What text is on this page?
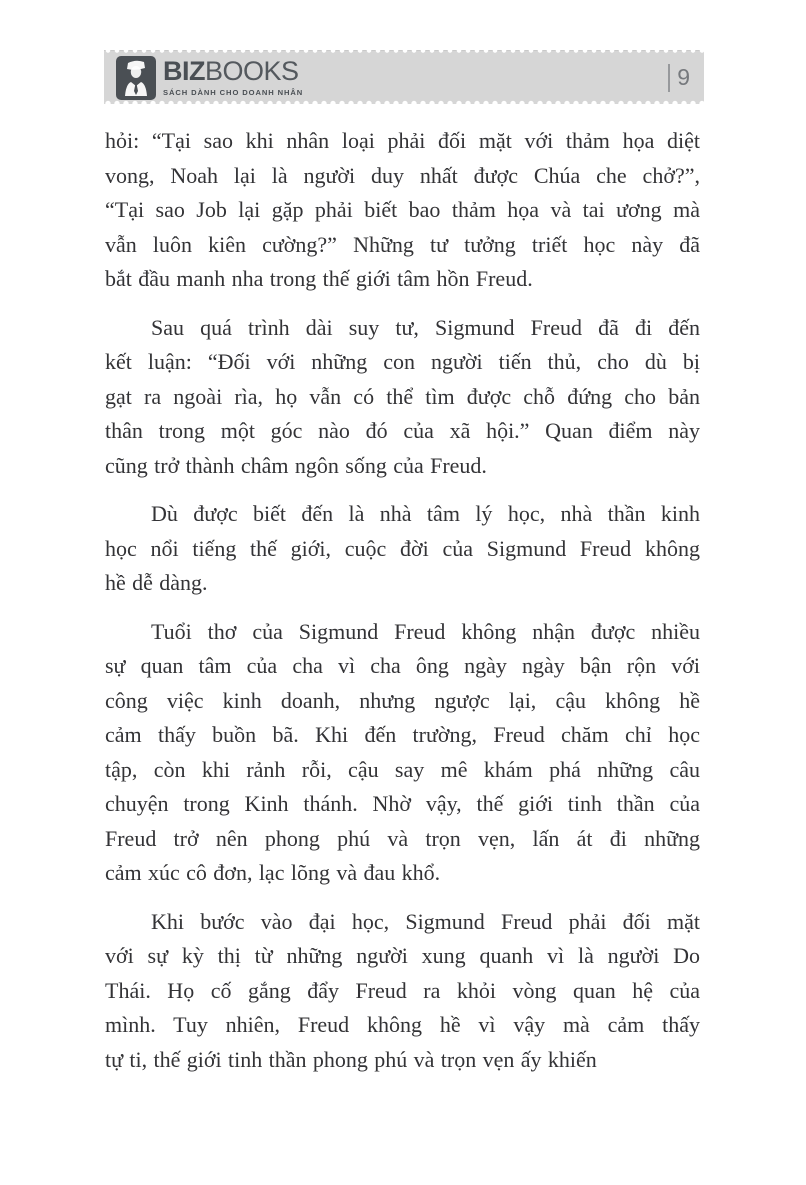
BIZBOOKS
SÁCH DÀNH CHO DOANH NHÂN
9
hỏi: “Tại sao khi nhân loại phải đối mặt với thảm họa diệt
vong, Noah lại là người duy nhất được Chúa che chở?”,
“Tại sao Job lại gặp phải biết bao thảm họa và tai ương mà
vẫn luôn kiên cường?” Những tư tưởng triết học này đã
bắt đầu manh nha trong thế giới tâm hồn Freud.
Sau quá trình dài suy tư, Sigmund Freud đã đi đến
kết luận: “Đối với những con người tiến thủ, cho dù bị
gạt ra ngoài rìa, họ vẫn có thể tìm được chỗ đứng cho bản
thân trong một góc nào đó của xã hội.” Quan điểm này
cũng trở thành châm ngôn sống của Freud.
Dù được biết đến là nhà tâm lý học, nhà thần kinh
học nổi tiếng thế giới, cuộc đời của Sigmund Freud không
hề dễ dàng.
Tuổi thơ của Sigmund Freud không nhận được nhiều
sự quan tâm của cha vì cha ông ngày ngày bận rộn với
công việc kinh doanh, nhưng ngược lại, cậu không hề
cảm thấy buồn bã. Khi đến trường, Freud chăm chỉ học
tập, còn khi rảnh rỗi, cậu say mê khám phá những câu
chuyện trong Kinh thánh. Nhờ vậy, thế giới tinh thần của
Freud trở nên phong phú và trọn vẹn, lấn át đi những
cảm xúc cô đơn, lạc lõng và đau khổ.
Khi bước vào đại học, Sigmund Freud phải đối mặt
với sự kỳ thị từ những người xung quanh vì là người Do
Thái. Họ cố gắng đẩy Freud ra khỏi vòng quan hệ của
mình. Tuy nhiên, Freud không hề vì vậy mà cảm thấy
tự ti, thế giới tinh thần phong phú và trọn vẹn ấy khiến
